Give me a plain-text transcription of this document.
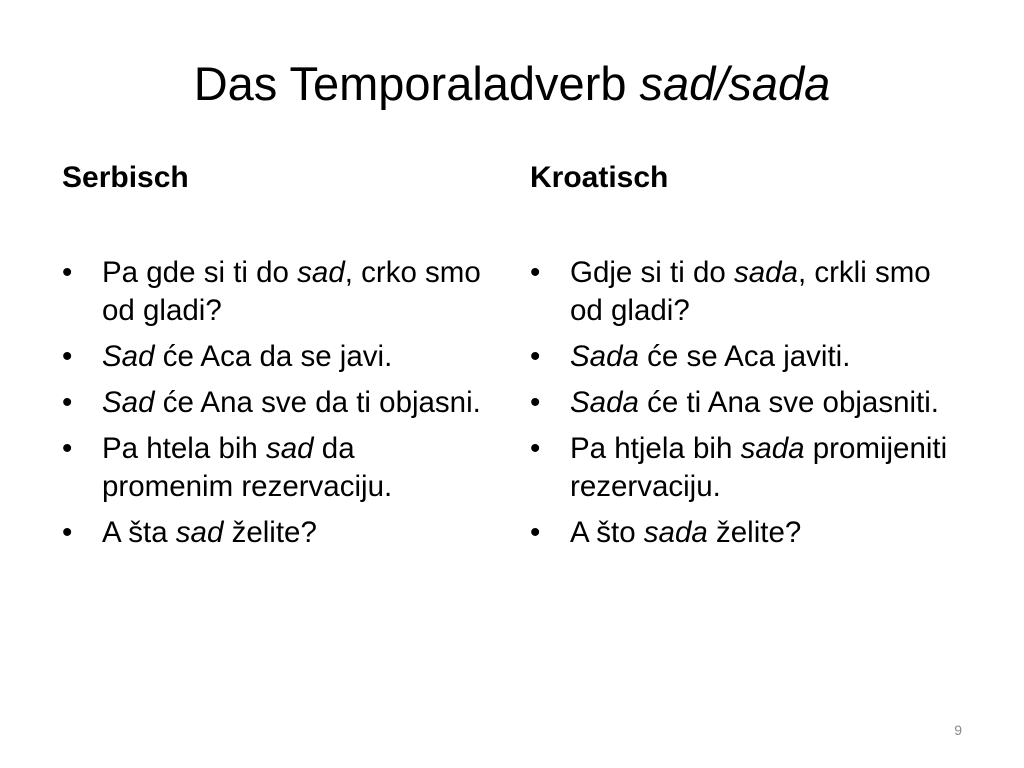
Das Temporaladverb sad/sada
Serbisch
•	Pa gde si ti do sad, crko smo od gladi?
•	Sad će Aca da se javi.
•	Sad će Ana sve da ti objasni.
•	Pa htela bih sad da promenim rezervaciju.
•	A šta sad želite?
Kroatisch
•	Gdje si ti do sada, crkli smo od gladi?
•	Sada će se Aca javiti.
•	Sada će ti Ana sve objasniti.
•	Pa htjela bih sada promijeniti rezervaciju.
•	A što sada želite?
9
